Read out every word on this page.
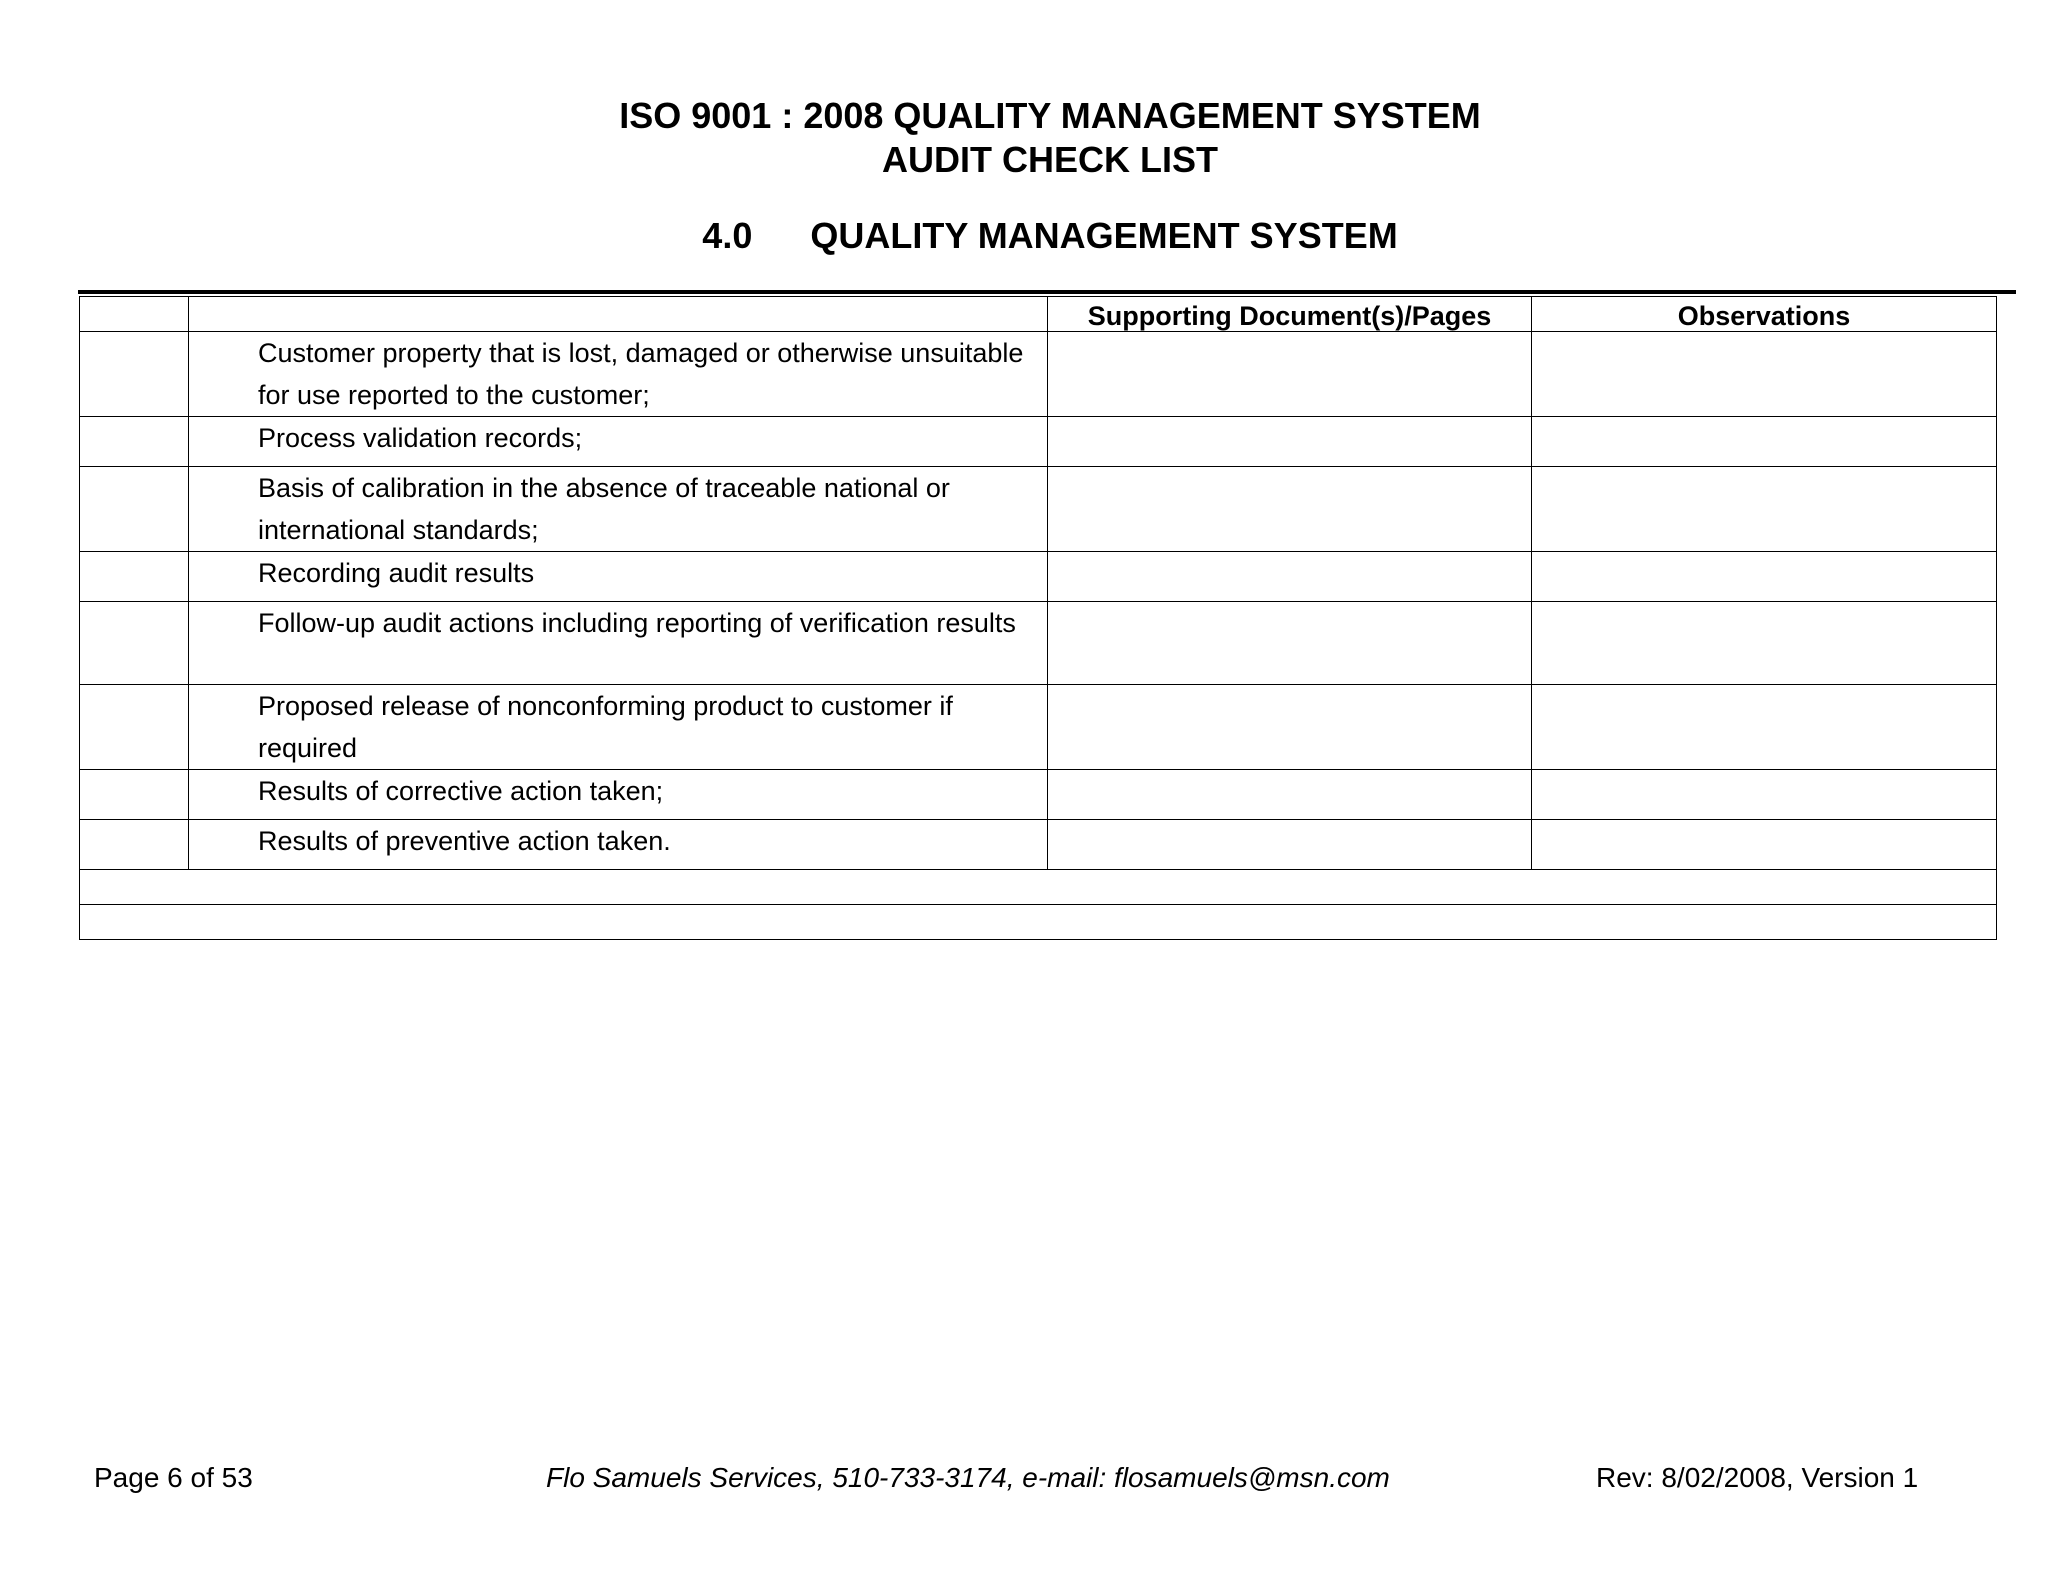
ISO 9001 : 2008 QUALITY MANAGEMENT SYSTEM
AUDIT CHECK LIST
4.0 QUALITY MANAGEMENT SYSTEM
		Supporting Document(s)/Pages	Observations

	Customer property that is lost, damaged or otherwise unsuitable for use reported to the customer;		

	Process validation records;		

	Basis of calibration in the absence of traceable national or international standards;		

	Recording audit results		

	Follow-up audit actions including reporting of verification results		

	Proposed release of nonconforming product to customer if required		

	Results of corrective action taken;		

	Results of preventive action taken.		

Page 6 of 53	Flo Samuels Services, 510-733-3174, e-mail: flosamuels@msn.com	Rev: 8/02/2008, Version 1
